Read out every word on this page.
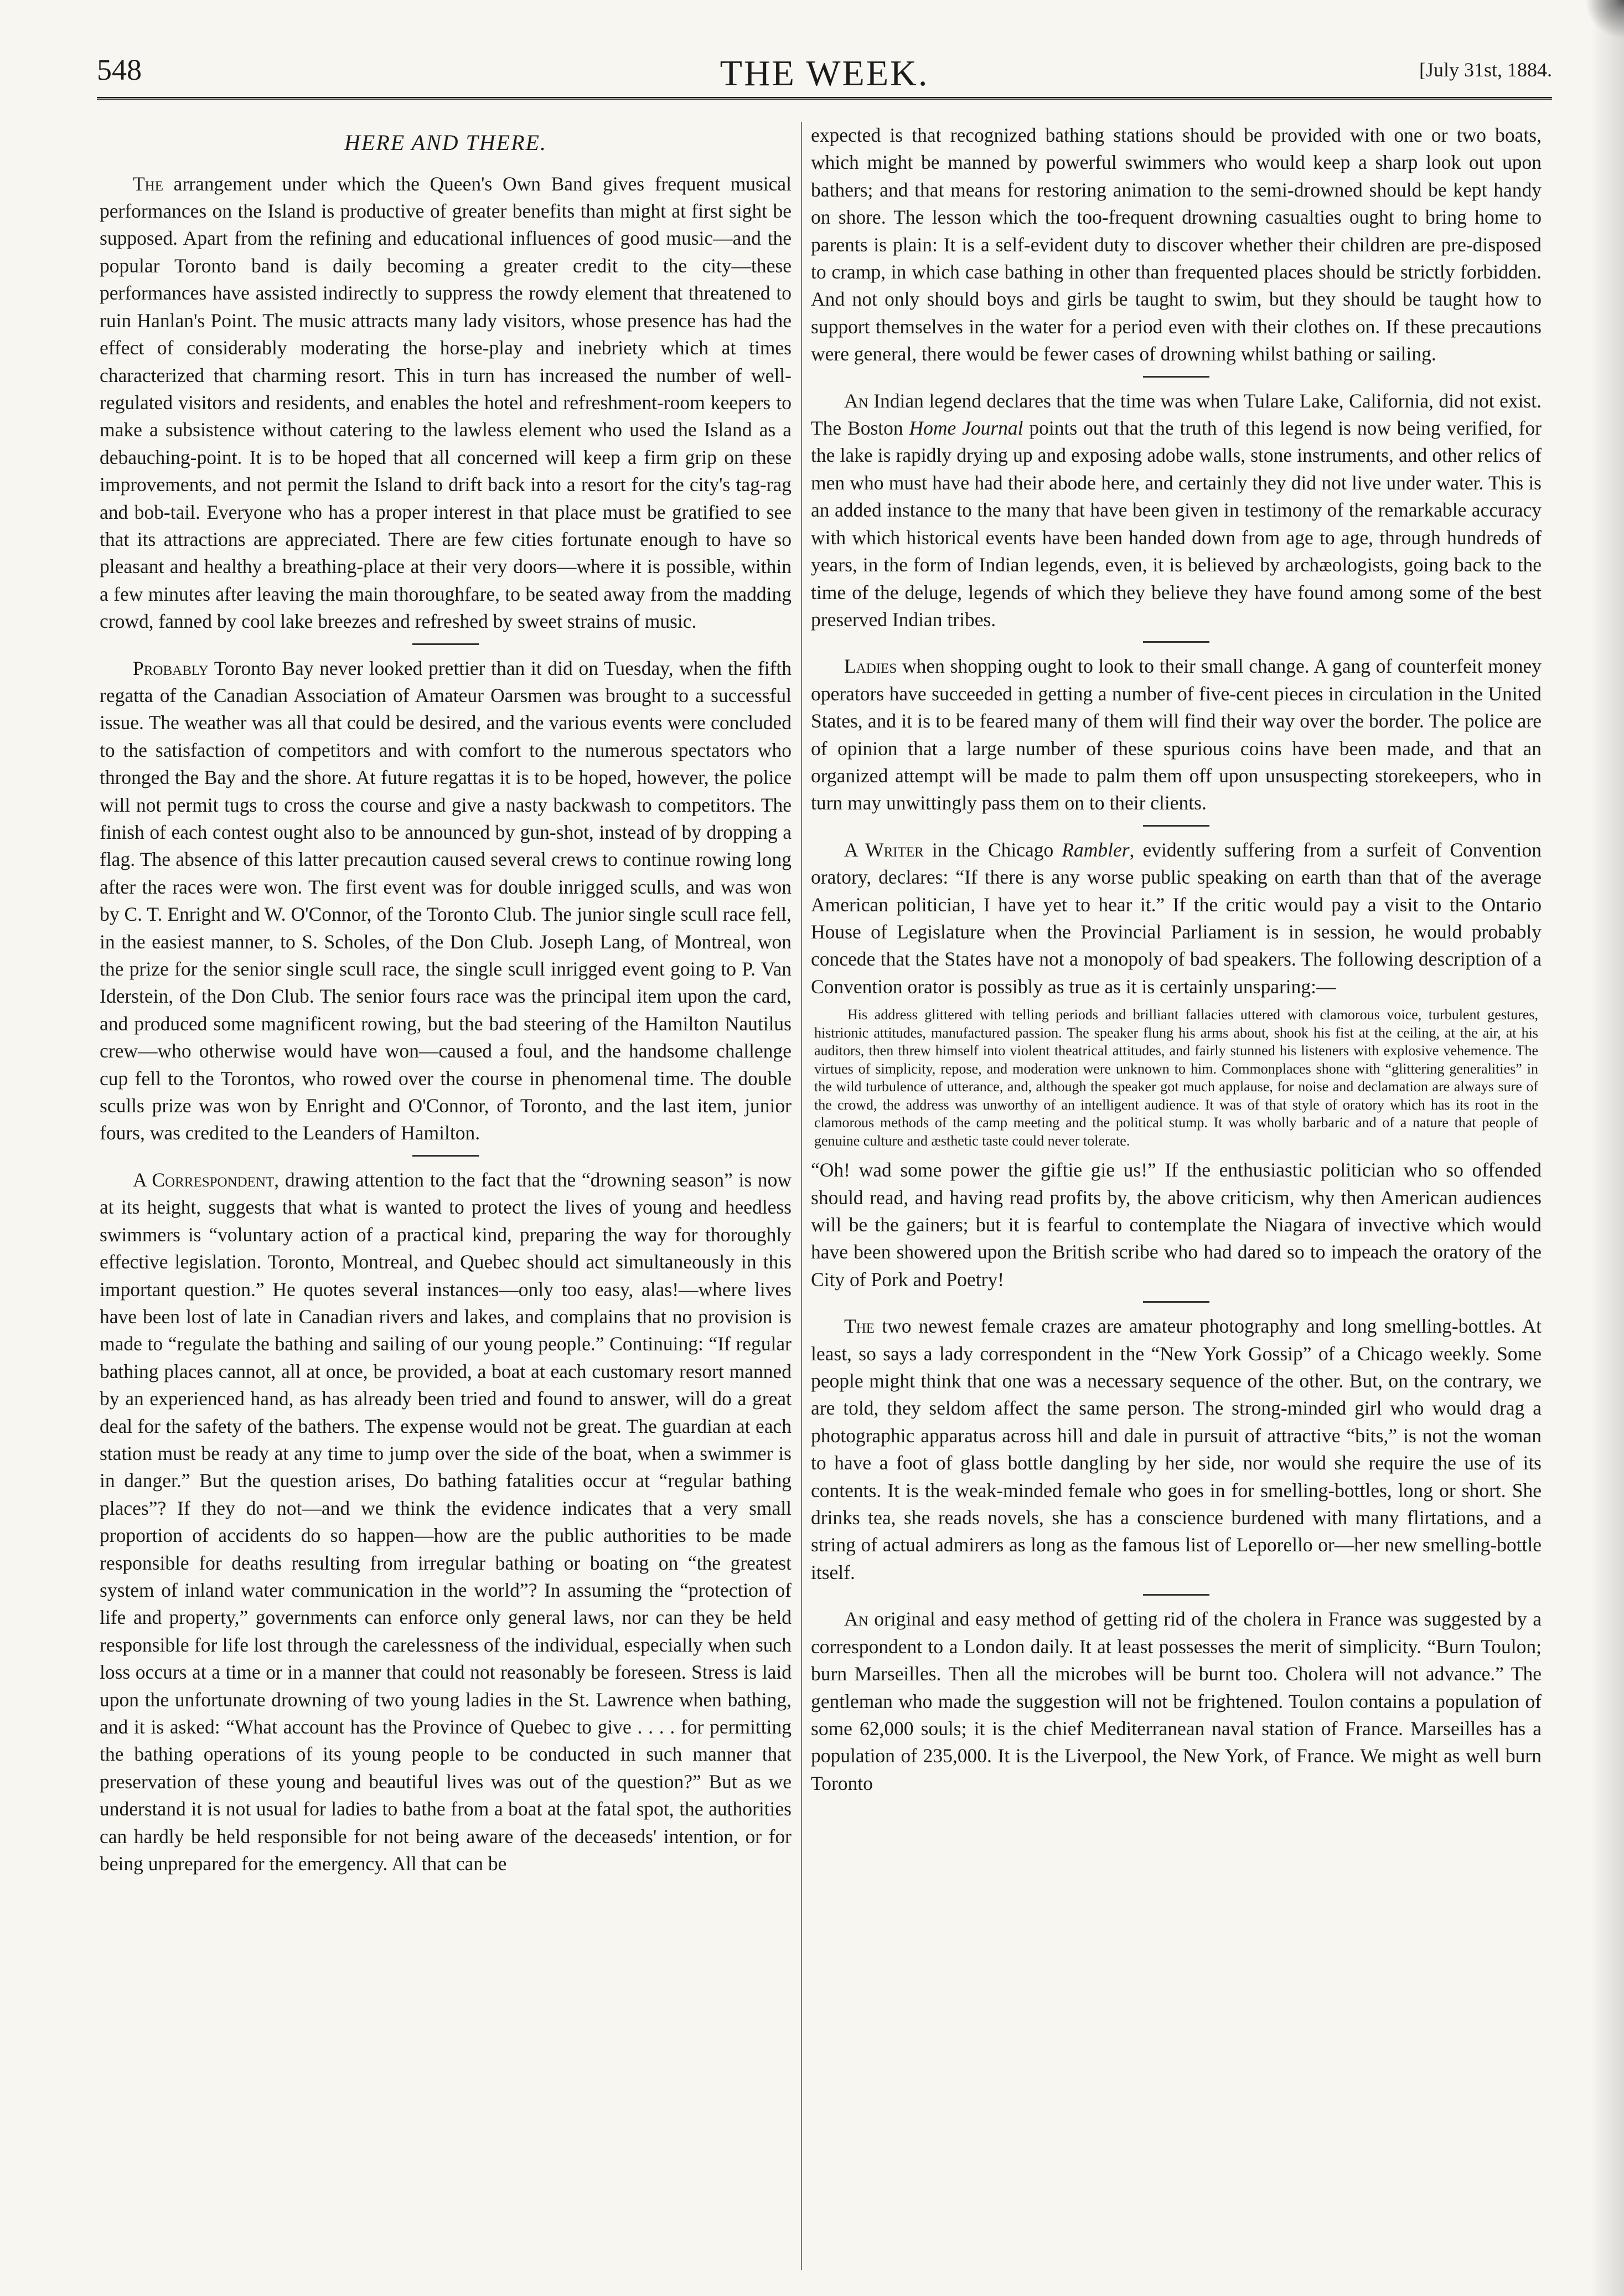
548	THE WEEK.	[July 31st, 1884.
HERE AND THERE.

The arrangement under which the Queen's Own Band gives frequent musical performances on the Island is productive of greater benefits than might at first sight be supposed. Apart from the refining and educational influences of good music—and the popular Toronto band is daily becoming a greater credit to the city—these performances have assisted indirectly to suppress the rowdy element that threatened to ruin Hanlan's Point. The music attracts many lady visitors, whose presence has had the effect of considerably moderating the horse-play and inebriety which at times characterized that charming resort. This in turn has increased the number of well-regulated visitors and residents, and enables the hotel and refreshment-room keepers to make a subsistence without catering to the lawless element who used the Island as a debauching-point. It is to be hoped that all concerned will keep a firm grip on these improvements, and not permit the Island to drift back into a resort for the city's tag-rag and bob-tail. Everyone who has a proper interest in that place must be gratified to see that its attractions are appreciated. There are few cities fortunate enough to have so pleasant and healthy a breathing-place at their very doors—where it is possible, within a few minutes after leaving the main thoroughfare, to be seated away from the madding crowd, fanned by cool lake breezes and refreshed by sweet strains of music.

Probably Toronto Bay never looked prettier than it did on Tuesday, when the fifth regatta of the Canadian Association of Amateur Oarsmen was brought to a successful issue. The weather was all that could be desired, and the various events were concluded to the satisfaction of competitors and with comfort to the numerous spectators who thronged the Bay and the shore. At future regattas it is to be hoped, however, the police will not permit tugs to cross the course and give a nasty backwash to competitors. The finish of each contest ought also to be announced by gun-shot, instead of by dropping a flag. The absence of this latter precaution caused several crews to continue rowing long after the races were won. The first event was for double inrigged sculls, and was won by C. T. Enright and W. O'Connor, of the Toronto Club. The junior single scull race fell, in the easiest manner, to S. Scholes, of the Don Club. Joseph Lang, of Montreal, won the prize for the senior single scull race, the single scull inrigged event going to P. Van Iderstein, of the Don Club. The senior fours race was the principal item upon the card, and produced some magnificent rowing, but the bad steering of the Hamilton Nautilus crew—who otherwise would have won—caused a foul, and the handsome challenge cup fell to the Torontos, who rowed over the course in phenomenal time. The double sculls prize was won by Enright and O'Connor, of Toronto, and the last item, junior fours, was credited to the Leanders of Hamilton.

A Correspondent, drawing attention to the fact that the “drowning season” is now at its height, suggests that what is wanted to protect the lives of young and heedless swimmers is “voluntary action of a practical kind, preparing the way for thoroughly effective legislation. Toronto, Montreal, and Quebec should act simultaneously in this important question.” He quotes several instances—only too easy, alas!—where lives have been lost of late in Canadian rivers and lakes, and complains that no provision is made to “regulate the bathing and sailing of our young people.” Continuing: “If regular bathing places cannot, all at once, be provided, a boat at each customary resort manned by an experienced hand, as has already been tried and found to answer, will do a great deal for the safety of the bathers. The expense would not be great. The guardian at each station must be ready at any time to jump over the side of the boat, when a swimmer is in danger.” But the question arises, Do bathing fatalities occur at “regular bathing places”? If they do not—and we think the evidence indicates that a very small proportion of accidents do so happen—how are the public authorities to be made responsible for deaths resulting from irregular bathing or boating on “the greatest system of inland water communication in the world”? In assuming the “protection of life and property,” governments can enforce only general laws, nor can they be held responsible for life lost through the carelessness of the individual, especially when such loss occurs at a time or in a manner that could not reasonably be foreseen. Stress is laid upon the unfortunate drowning of two young ladies in the St. Lawrence when bathing, and it is asked: “What account has the Province of Quebec to give . . . . for permitting the bathing operations of its young people to be conducted in such manner that preservation of these young and beautiful lives was out of the question?” But as we understand it is not usual for ladies to bathe from a boat at the fatal spot, the authorities can hardly be held responsible for not being aware of the deceaseds' intention, or for being unprepared for the emergency. All that can be

expected is that recognized bathing stations should be provided with one or two boats, which might be manned by powerful swimmers who would keep a sharp look out upon bathers; and that means for restoring animation to the semi-drowned should be kept handy on shore. The lesson which the too-frequent drowning casualties ought to bring home to parents is plain: It is a self-evident duty to discover whether their children are pre-disposed to cramp, in which case bathing in other than frequented places should be strictly forbidden. And not only should boys and girls be taught to swim, but they should be taught how to support themselves in the water for a period even with their clothes on. If these precautions were general, there would be fewer cases of drowning whilst bathing or sailing.

An Indian legend declares that the time was when Tulare Lake, California, did not exist. The Boston Home Journal points out that the truth of this legend is now being verified, for the lake is rapidly drying up and exposing adobe walls, stone instruments, and other relics of men who must have had their abode here, and certainly they did not live under water. This is an added instance to the many that have been given in testimony of the remarkable accuracy with which historical events have been handed down from age to age, through hundreds of years, in the form of Indian legends, even, it is believed by archæologists, going back to the time of the deluge, legends of which they believe they have found among some of the best preserved Indian tribes.

Ladies when shopping ought to look to their small change. A gang of counterfeit money operators have succeeded in getting a number of five-cent pieces in circulation in the United States, and it is to be feared many of them will find their way over the border. The police are of opinion that a large number of these spurious coins have been made, and that an organized attempt will be made to palm them off upon unsuspecting storekeepers, who in turn may unwittingly pass them on to their clients.

A Writer in the Chicago Rambler, evidently suffering from a surfeit of Convention oratory, declares: “If there is any worse public speaking on earth than that of the average American politician, I have yet to hear it.” If the critic would pay a visit to the Ontario House of Legislature when the Provincial Parliament is in session, he would probably concede that the States have not a monopoly of bad speakers. The following description of a Convention orator is possibly as true as it is certainly unsparing:—

His address glittered with telling periods and brilliant fallacies uttered with clamorous voice, turbulent gestures, histrionic attitudes, manufactured passion. The speaker flung his arms about, shook his fist at the ceiling, at the air, at his auditors, then threw himself into violent theatrical attitudes, and fairly stunned his listeners with explosive vehemence. The virtues of simplicity, repose, and moderation were unknown to him. Commonplaces shone with “glittering generalities” in the wild turbulence of utterance, and, although the speaker got much applause, for noise and declamation are always sure of the crowd, the address was unworthy of an intelligent audience. It was of that style of oratory which has its root in the clamorous methods of the camp meeting and the political stump. It was wholly barbaric and of a nature that people of genuine culture and æsthetic taste could never tolerate.

“Oh! wad some power the giftie gie us!” If the enthusiastic politician who so offended should read, and having read profits by, the above criticism, why then American audiences will be the gainers; but it is fearful to contemplate the Niagara of invective which would have been showered upon the British scribe who had dared so to impeach the oratory of the City of Pork and Poetry!

The two newest female crazes are amateur photography and long smelling-bottles. At least, so says a lady correspondent in the “New York Gossip” of a Chicago weekly. Some people might think that one was a necessary sequence of the other. But, on the contrary, we are told, they seldom affect the same person. The strong-minded girl who would drag a photographic apparatus across hill and dale in pursuit of attractive “bits,” is not the woman to have a foot of glass bottle dangling by her side, nor would she require the use of its contents. It is the weak-minded female who goes in for smelling-bottles, long or short. She drinks tea, she reads novels, she has a conscience burdened with many flirtations, and a string of actual admirers as long as the famous list of Leporello or—her new smelling-bottle itself.

An original and easy method of getting rid of the cholera in France was suggested by a correspondent to a London daily. It at least possesses the merit of simplicity. “Burn Toulon; burn Marseilles. Then all the microbes will be burnt too. Cholera will not advance.” The gentleman who made the suggestion will not be frightened. Toulon contains a population of some 62,000 souls; it is the chief Mediterranean naval station of France. Marseilles has a population of 235,000. It is the Liverpool, the New York, of France. We might as well burn Toronto
